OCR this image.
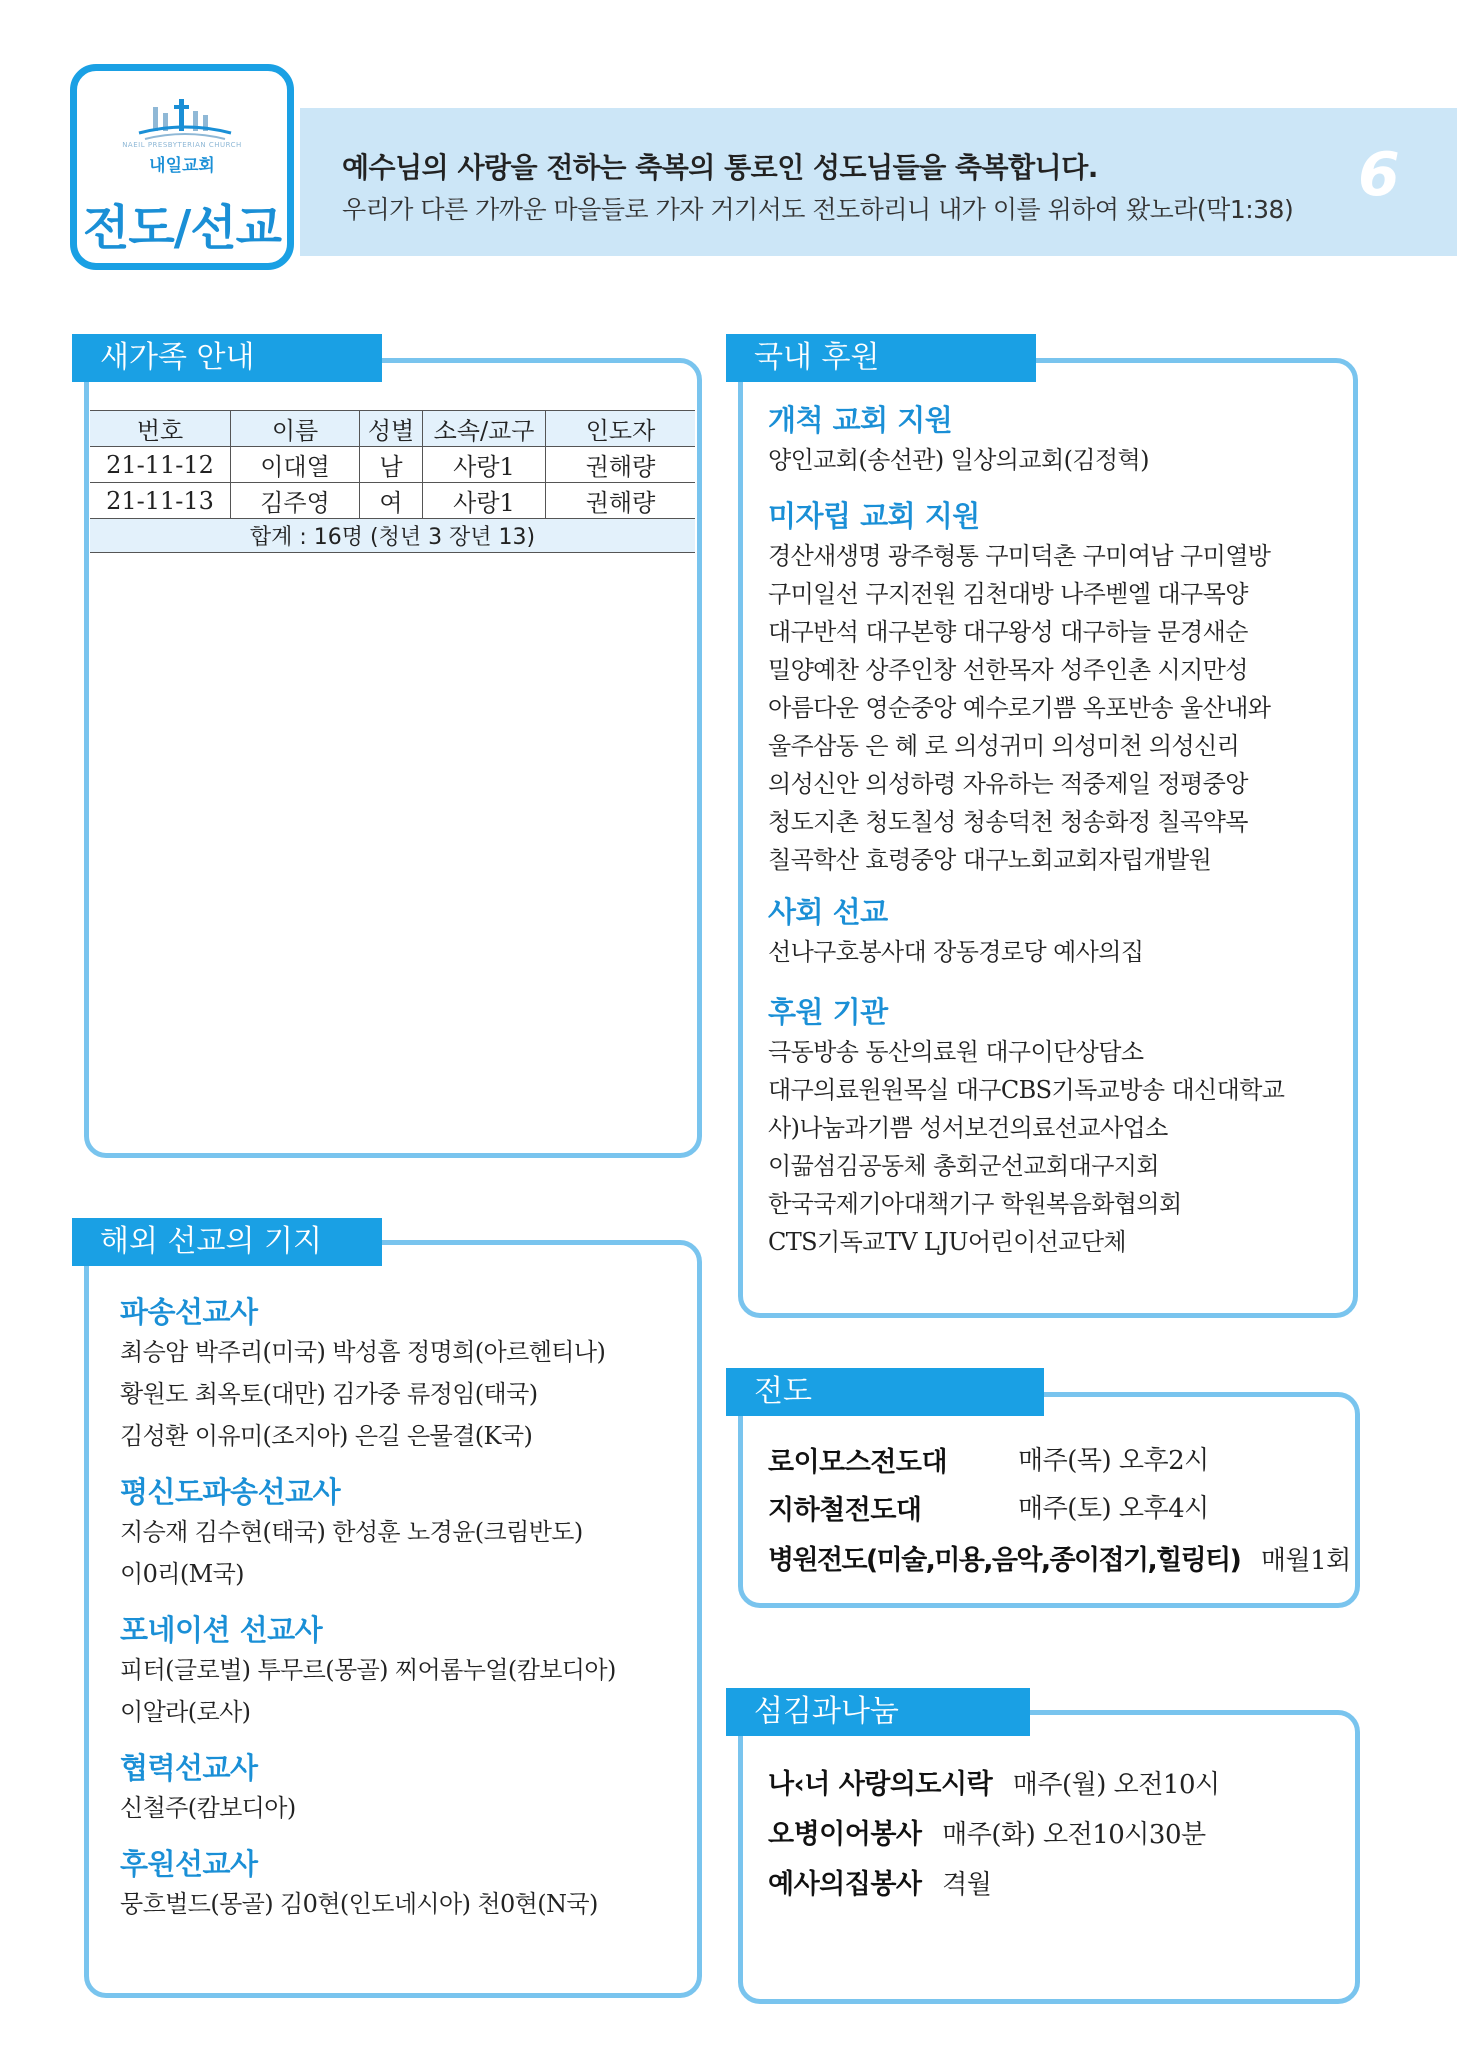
NAEIL PRESBYTERIAN CHURCH
내일교회
전도/선교
예수님의 사랑을 전하는 축복의 통로인 성도님들을 축복합니다.
우리가 다른 가까운 마을들로 가자 거기서도 전도하리니 내가 이를 위하여 왔노라(막1:38) 6
새가족 안내
번호	이름	성별	소속/교구	인도자
21-11-12	이대열	남	사랑1	권해량
21-11-13	김주영	여	사랑1	권해량
합계 : 16명 (청년 3 장년 13)				
해외 선교의 기지
파송선교사
최승암 박주리(미국) 박성흠 정명희(아르헨티나)
황원도 최옥토(대만) 김가중 류정임(태국)
김성환 이유미(조지아) 은길 은물결(K국)
평신도파송선교사
지승재 김수현(태국) 한성훈 노경윤(크림반도)
이0리(M국)
포네이션 선교사
피터(글로벌) 투무르(몽골) 찌어롬누얼(캄보디아)
이알라(로사)
협력선교사
신철주(캄보디아)
후원선교사
뭉흐벌드(몽골) 김0현(인도네시아) 천0현(N국)
국내 후원
개척 교회 지원
양인교회(송선관) 일상의교회(김정혁)
미자립 교회 지원
경산새생명 광주형통 구미덕촌 구미여남 구미열방
구미일선 구지전원 김천대방 나주벧엘 대구목양
대구반석 대구본향 대구왕성 대구하늘 문경새순
밀양예찬 상주인창 선한목자 성주인촌 시지만성
아름다운 영순중앙 예수로기쁨 옥포반송 울산내와
울주삼동 은 혜 로 의성귀미 의성미천 의성신리
의성신안 의성하령 자유하는 적중제일 정평중앙
청도지촌 청도칠성 청송덕천 청송화정 칠곡약목
칠곡학산 효령중앙 대구노회교회자립개발원
사회 선교
선나구호봉사대 장동경로당 예사의집
후원 기관
극동방송 동산의료원 대구이단상담소
대구의료원원목실 대구CBS기독교방송 대신대학교
사)나눔과기쁨 성서보건의료선교사업소
이끎섬김공동체 총회군선교회대구지회
한국국제기아대책기구 학원복음화협의회
CTS기독교TV LJU어린이선교단체
전도
로이모스전도대	매주(목) 오후2시
지하철전도대	매주(토) 오후4시
병원전도(미술,미용,음악,종이접기,힐링티) 매월1회
섬김과나눔
나‹너 사랑의도시락 매주(월) 오전10시
오병이어봉사 매주(화) 오전10시30분
예사의집봉사 격월
